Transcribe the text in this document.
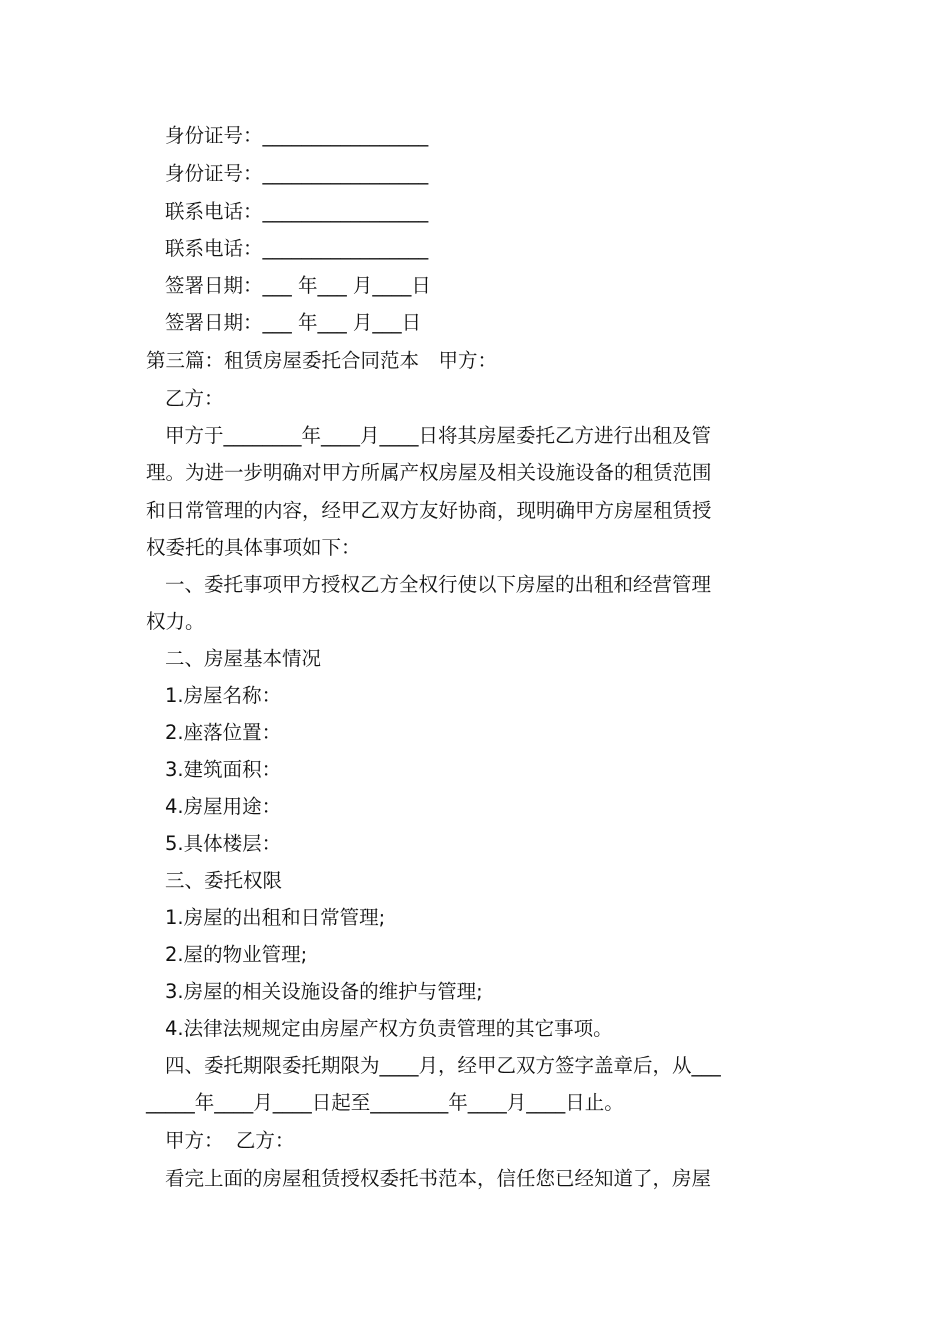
身份证号：_________________
身份证号：_________________
联系电话：_________________
联系电话：_________________
签署日期：___ 年___ 月____日
签署日期：___ 年___ 月___日
第三篇：租赁房屋委托合同范本　甲方：
乙方：
甲方于________年____月____日将其房屋委托乙方进行出租及管
理。为进一步明确对甲方所属产权房屋及相关设施设备的租赁范围
和日常管理的内容，经甲乙双方友好协商，现明确甲方房屋租赁授
权委托的具体事项如下：
一、委托事项甲方授权乙方全权行使以下房屋的出租和经营管理
权力。
二、房屋基本情况
1.房屋名称：
2.座落位置：
3.建筑面积：
4.房屋用途：
5.具体楼层：
三、委托权限
1.房屋的出租和日常管理;
2.屋的物业管理;
3.房屋的相关设施设备的维护与管理;
4.法律法规规定由房屋产权方负责管理的其它事项。
四、委托期限委托期限为____月，经甲乙双方签字盖章后，从___
_____年____月____日起至________年____月____日止。
甲方：  乙方：
看完上面的房屋租赁授权委托书范本，信任您已经知道了，房屋
